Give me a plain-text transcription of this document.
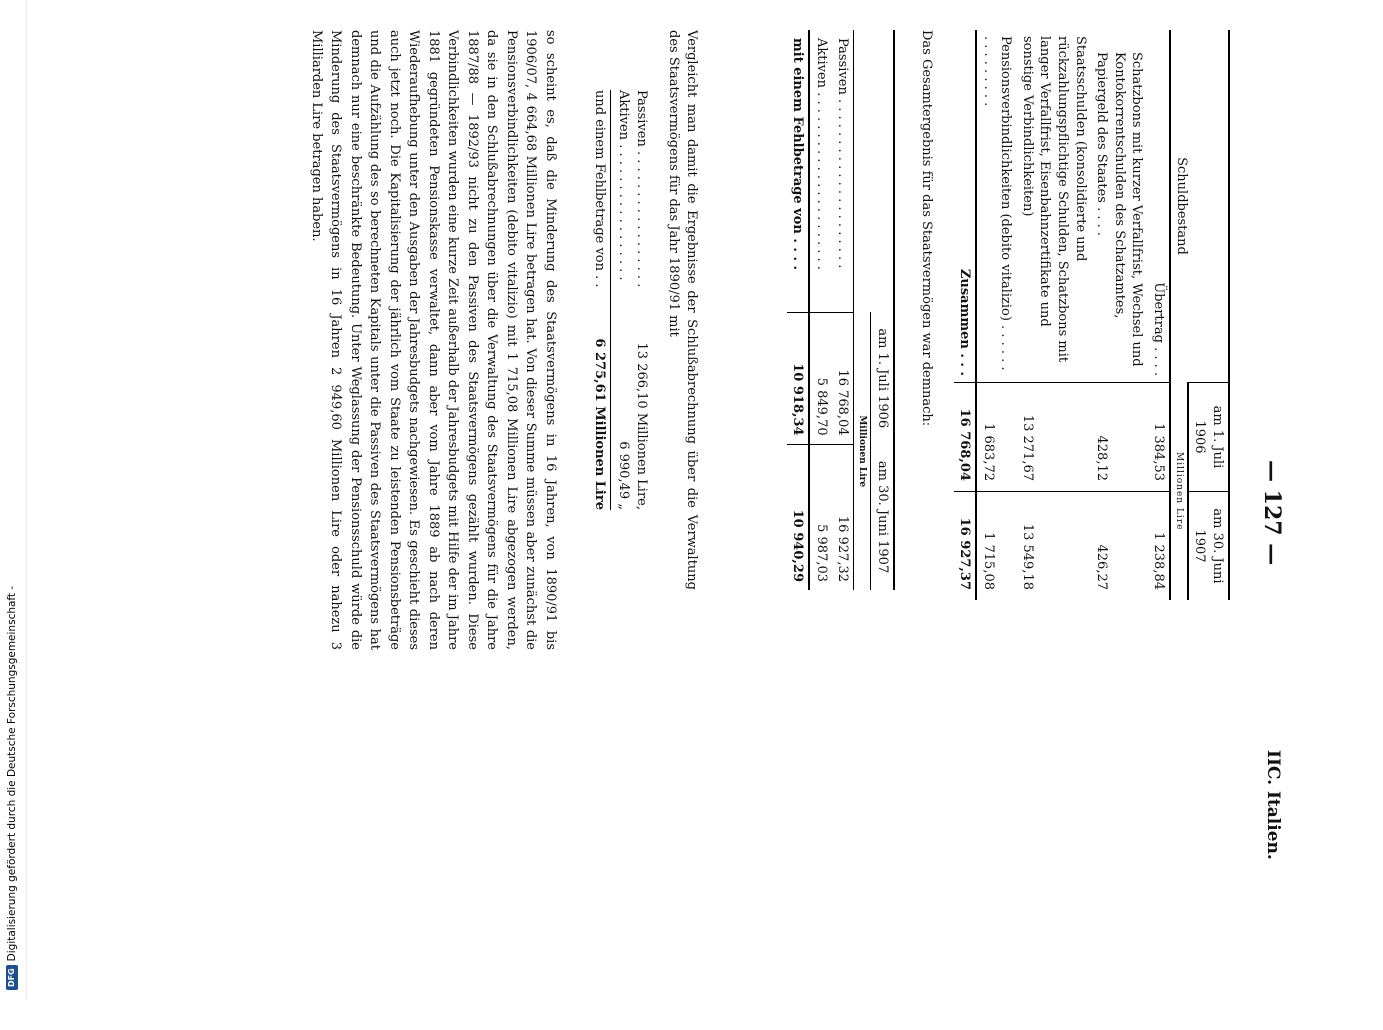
DFG
Digitalisierung gefördert durch die Deutsche Forschungsgemeinschaft -
— 127 —
IIC. Italien.
Schuldbestand	am 1. Juli 1906	am 30. Juni 1907
	Millionen Lire	
Übertrag . . . .	1 384,53	1 238,84
Schatzbons mit kurzer Verfallfrist, Wechsel und Kontokorrentschulden des Schatzamtes, Papiergeld des Staates . . . .	428,12	426,27
Staatsschulden (konsolidierte und rückzahlungspflichtige Schulden, Schatzbons mit langer Verfallfrist, Eisenbahnzertifikate und sonstige Verbindlichkeiten)	13 271,67	13 549,18
Pensionsverbindlichkeiten (debito vitalizio) . . . . . . . . . . . . . . .	1 683,72	1 715,08
Zusammen . . .	16 768,04	16 927,37
Das Gesamtergebnis für das Staatsvermögen war demnach:
	am 1. Juli 1906	am 30. Juni 1907
	Millionen Lire	
Passiven . . . . . . . . . . . . . . . . . . . . .	16 768,04	16 927,32
Aktiven . . . . . . . . . . . . . . . . . . . . . .	5 849,70	5 987,03
mit einem Fehlbetrage von . . . .	10 918,34	10 940,29
Vergleicht man damit die Ergebnisse der Schlußabrechnung über die Verwaltung des Staatsvermögens für das Jahr 1890/91 mit
Passiven . . . . . . . . . . . . . . . . .
13 266,10 Millionen Lire,
Aktiven . . . . . . . . . . . . . . . . .
6 990,49 „
und einem Fehlbetrage von . .
6 275,61 Millionen Lire
so scheint es, daß die Minderung des Staatsvermögens in 16 Jahren, von 1890/91 bis 1906/07, 4 664,68 Millionen Lire betragen hat. Von dieser Summe müssen aber zunächst die Pensionsverbindlichkeiten (debito vitalizio) mit 1 715,08 Millionen Lire abgezogen werden, da sie in den Schlußabrechnungen über die Verwaltung des Staatsvermögens für die Jahre 1887/88 — 1892/93 nicht zu den Passiven des Staatsvermögens gezählt wurden. Diese Verbindlichkeiten wurden eine kurze Zeit außerhalb der Jahresbudgets mit Hilfe der im Jahre 1881 gegründeten Pensionskasse verwaltet, dann aber vom Jahre 1889 ab nach deren Wiederaufhebung unter den Ausgaben der Jahresbudgets nachgewiesen. Es geschieht dieses auch jetzt noch. Die Kapitalisierung der jährlich vom Staate zu leistenden Pensionsbeträge und die Aufzählung des so berechneten Kapitals unter die Passiven des Staatsvermögens hat demnach nur eine beschränkte Bedeutung. Unter Weglassung der Pensionsschuld würde die Minderung des Staatsvermögens in 16 Jahren 2 949,60 Millionen Lire oder nahezu 3 Milliarden Lire betragen haben.
